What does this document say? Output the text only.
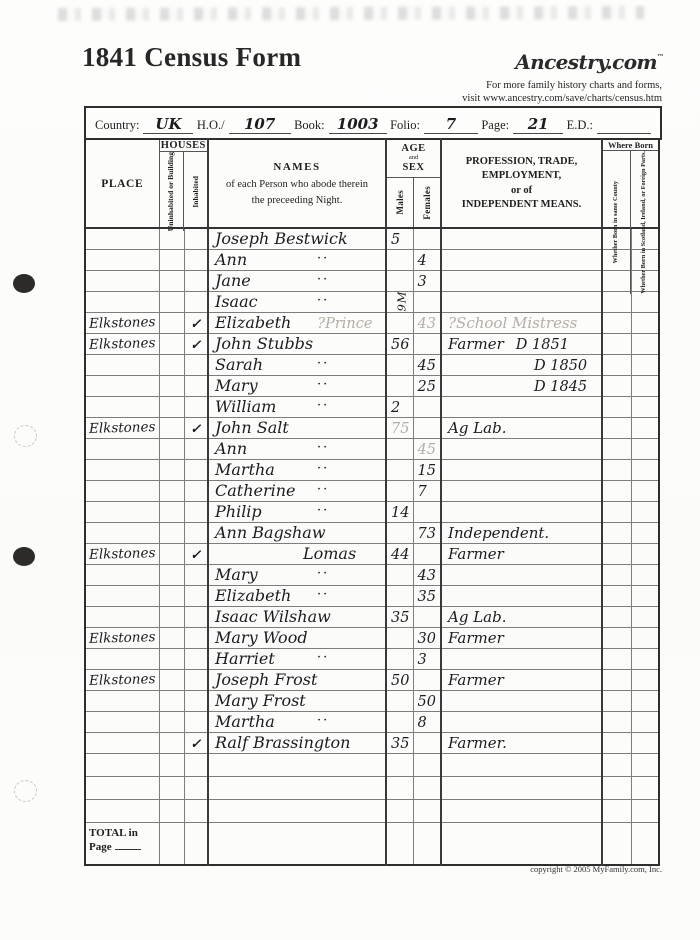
1841 Census Form	Ancestry.com™
For more family history charts and forms,
visit www.ancestry.com/save/charts/census.htm
Country:	UK	H.O./	107	Book: 1003 Folio:	7	Page:	21	E.D.:
PLACE

HOUSES
Uninhabited or Building Inhabited

NAMES
of each Person who abode therein
the preceeding Night.

AGE
and
SEX
Males Females

PROFESSION, TRADE,
EMPLOYMENT,
or of
INDEPENDENT MEANS.

Where Born
Whether Born in same County	Whether Born in Scotland, Ireland, or Foreign Parts.

			Joseph Bestwick	5				
			Ann ··		4			
			Jane ··		3			
			Isaac ··	9M				
Elkstones		✓	Elizabeth ?Prince		43	?School Mistress		
Elkstones		✓	John Stubbs	56		Farmer D 1851		
			Sarah ··		45	D 1850		
			Mary ··		25	D 1845		
			William ··	2				
Elkstones		✓	John Salt	75		Ag Lab.		
			Ann ··		45			
			Martha ··		15			
			Catherine ··		7			
			Philip ··	14				
			Ann Bagshaw		73	Independent.		
Elkstones		✓	Lomas	44		Farmer		
			Mary ··		43			
			Elizabeth ··		35			
			Isaac Wilshaw	35		Ag Lab.		
Elkstones			Mary Wood		30	Farmer		
			Harriet ··		3			
Elkstones			Joseph Frost	50		Farmer		
			Mary Frost		50			
			Martha ··		8			
		✓	Ralf Brassington	35		Farmer.		

TOTAL in
Page								

copyright © 2005 MyFamily.com, Inc.
